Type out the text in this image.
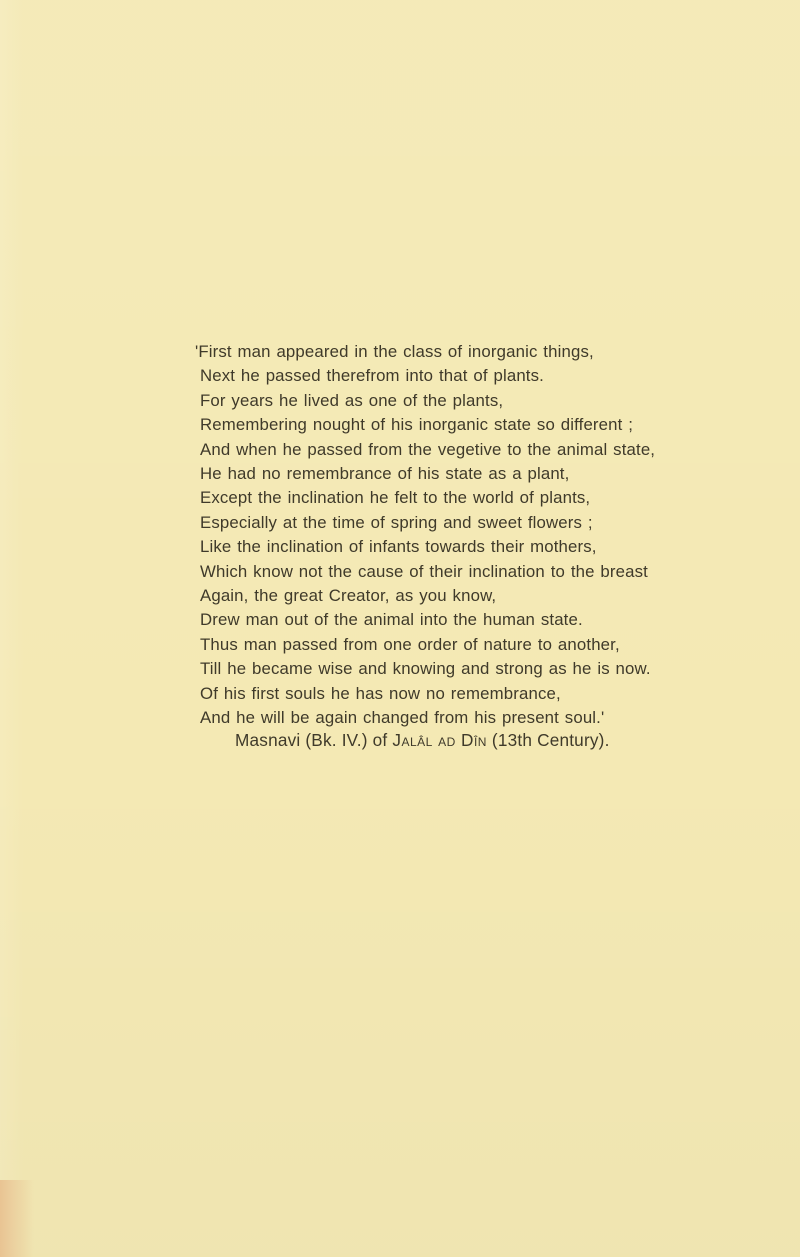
'First man appeared in the class of inorganic things,
Next he passed therefrom into that of plants.
For years he lived as one of the plants,
Remembering nought of his inorganic state so different ;
And when he passed from the vegetive to the animal state,
He had no remembrance of his state as a plant,
Except the inclination he felt to the world of plants,
Especially at the time of spring and sweet flowers ;
Like the inclination of infants towards their mothers,
Which know not the cause of their inclination to the breast
Again, the great Creator, as you know,
Drew man out of the animal into the human state.
Thus man passed from one order of nature to another,
Till he became wise and knowing and strong as he is now.
Of his first souls he has now no remembrance,
And he will be again changed from his present soul.'
Masnavi (Bk. IV.) of Jalâl ad Dîn (13th Century).
